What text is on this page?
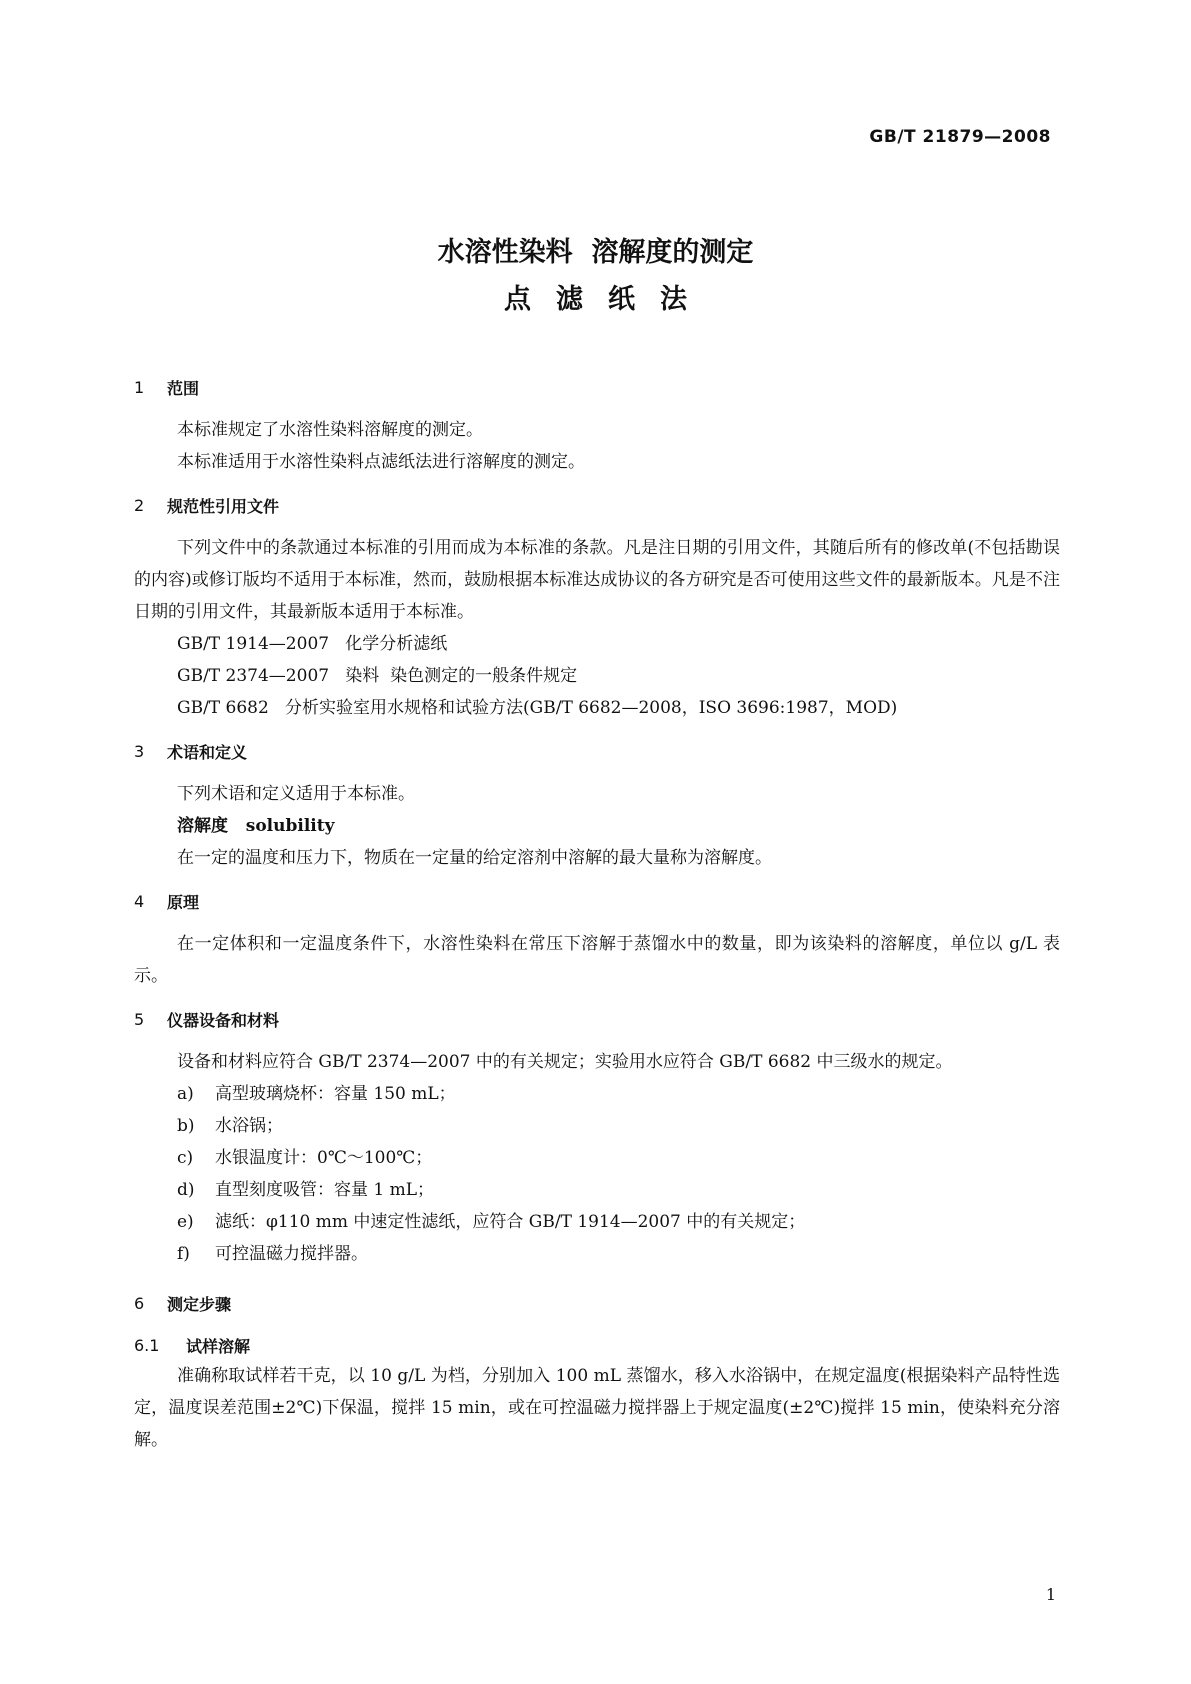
GB/T 21879—2008
水溶性染料  溶解度的测定
点滤纸法
1	范围
本标准规定了水溶性染料溶解度的测定。
本标准适用于水溶性染料点滤纸法进行溶解度的测定。
2	规范性引用文件
下列文件中的条款通过本标准的引用而成为本标准的条款。凡是注日期的引用文件，其随后所有的修改单(不包括勘误的内容)或修订版均不适用于本标准，然而，鼓励根据本标准达成协议的各方研究是否可使用这些文件的最新版本。凡是不注日期的引用文件，其最新版本适用于本标准。
GB/T 1914—2007   化学分析滤纸
GB/T 2374—2007   染料  染色测定的一般条件规定
GB/T 6682   分析实验室用水规格和试验方法(GB/T 6682—2008，ISO 3696:1987，MOD)
3	术语和定义
下列术语和定义适用于本标准。
溶解度   solubility
在一定的温度和压力下，物质在一定量的给定溶剂中溶解的最大量称为溶解度。
4	原理
在一定体积和一定温度条件下，水溶性染料在常压下溶解于蒸馏水中的数量，即为该染料的溶解度，单位以 g/L 表示。
5	仪器设备和材料
设备和材料应符合 GB/T 2374—2007 中的有关规定；实验用水应符合 GB/T 6682 中三级水的规定。
a) 高型玻璃烧杯：容量 150 mL；
b) 水浴锅；
c) 水银温度计：0℃～100℃；
d) 直型刻度吸管：容量 1 mL；
e) 滤纸：φ110 mm 中速定性滤纸，应符合 GB/T 1914—2007 中的有关规定；
f) 可控温磁力搅拌器。
6	测定步骤
6.1	试样溶解
准确称取试样若干克，以 10 g/L 为档，分别加入 100 mL 蒸馏水，移入水浴锅中，在规定温度(根据染料产品特性选定，温度误差范围±2℃)下保温，搅拌 15 min，或在可控温磁力搅拌器上于规定温度(±2℃)搅拌 15 min，使染料充分溶解。
1
